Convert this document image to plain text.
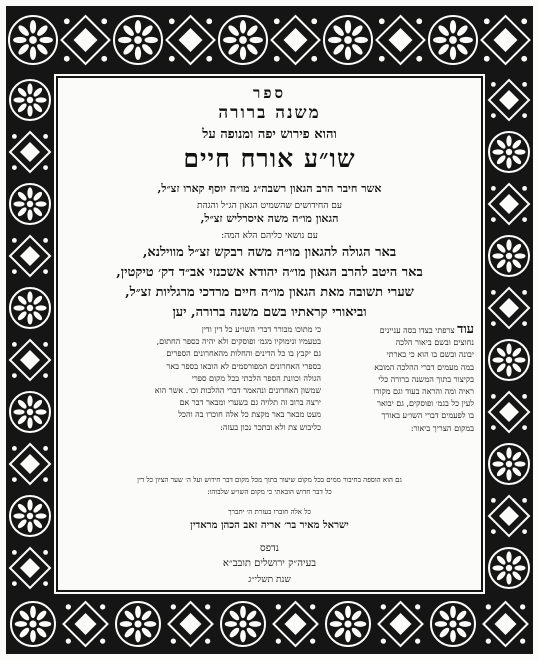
ספר
משנה ברורה
והוא פירוש יפה ומנופה על
שו״ע אורח חיים
אשר חיבר הרב הגאון רשבה״ג מו״ה יוסף קארו זצ״ל,
עם החידושים שהשמיט הגאון הג״ל והגהת
הגאון מו״ה משה איסרליש זצ״ל,
עם נושאי כליהם הלא המה:
באר הגולה להגאון מו״ה משה רבקש זצ״ל מווילנא,
באר היטב להרב הגאון מו״ה יהודא אשכנזי אב״ד דק׳ טיקטין,
שערי תשובה מאת הגאון מו״ה חיים מרדכי מרגליות זצ״ל,
וביאורי קראתיו בשם משנה ברורה, יען
כי מתוכו מבורר דברי השו״ע כל דין ודין
בטעמיו ונימוקיו מגמ׳ ופוסקים ולא יהיה כספר החתום,
גם יקבץ בו כל הדינים והחלות מהאחרונים הספרים
בספרי האחרונים המפורסמים לא הובאו בספר באר
הגולה וכוונת הספר הלכתי בכל מקום ספרי
שמשון האחרונים ונהאמר דברי ההלכות וכו׳. אשר הוא
ירצה ברוב זה תלויה גם בשערי ומבאר דבר אם
מעט מבאר באר מקצת כל אלה חוכרו בה והכל
כליבוש צת ולא ובתכר נכון בעזה:
עוד צרפתי בצדו בסה עניינים
נחוצים ובשם ביאור הלכה
יבונה ובשם בו הוא כי בארתי
במה מעמים דברי ההלכה המובא
בקיצור בתוך המשנה ברורה כלי
ראיה ומה והראה בעוד וגם מקורו
לעין כל בגמ׳ ופוסקים, גם יבואר
בו לפעמים דברי השו״ע באורך
במקום הצריך ביאור:
גם הוא הוספה בחיבור ממים בכל מקום שיעור בתוך מכל מקום דבר חידוש ועל ה׳ שער הציון כל דין
כל דבר חדוש הובאתי כי מקום השו״ע שלבוהו:
כל אלה חוברו בעזרת ה׳ יתברך
ישראל מאיר בר׳ אריה זאב הכהן מראדין
נדפס
בעיה״ק ירושלים תובב״א
שנת תשלי״ג
